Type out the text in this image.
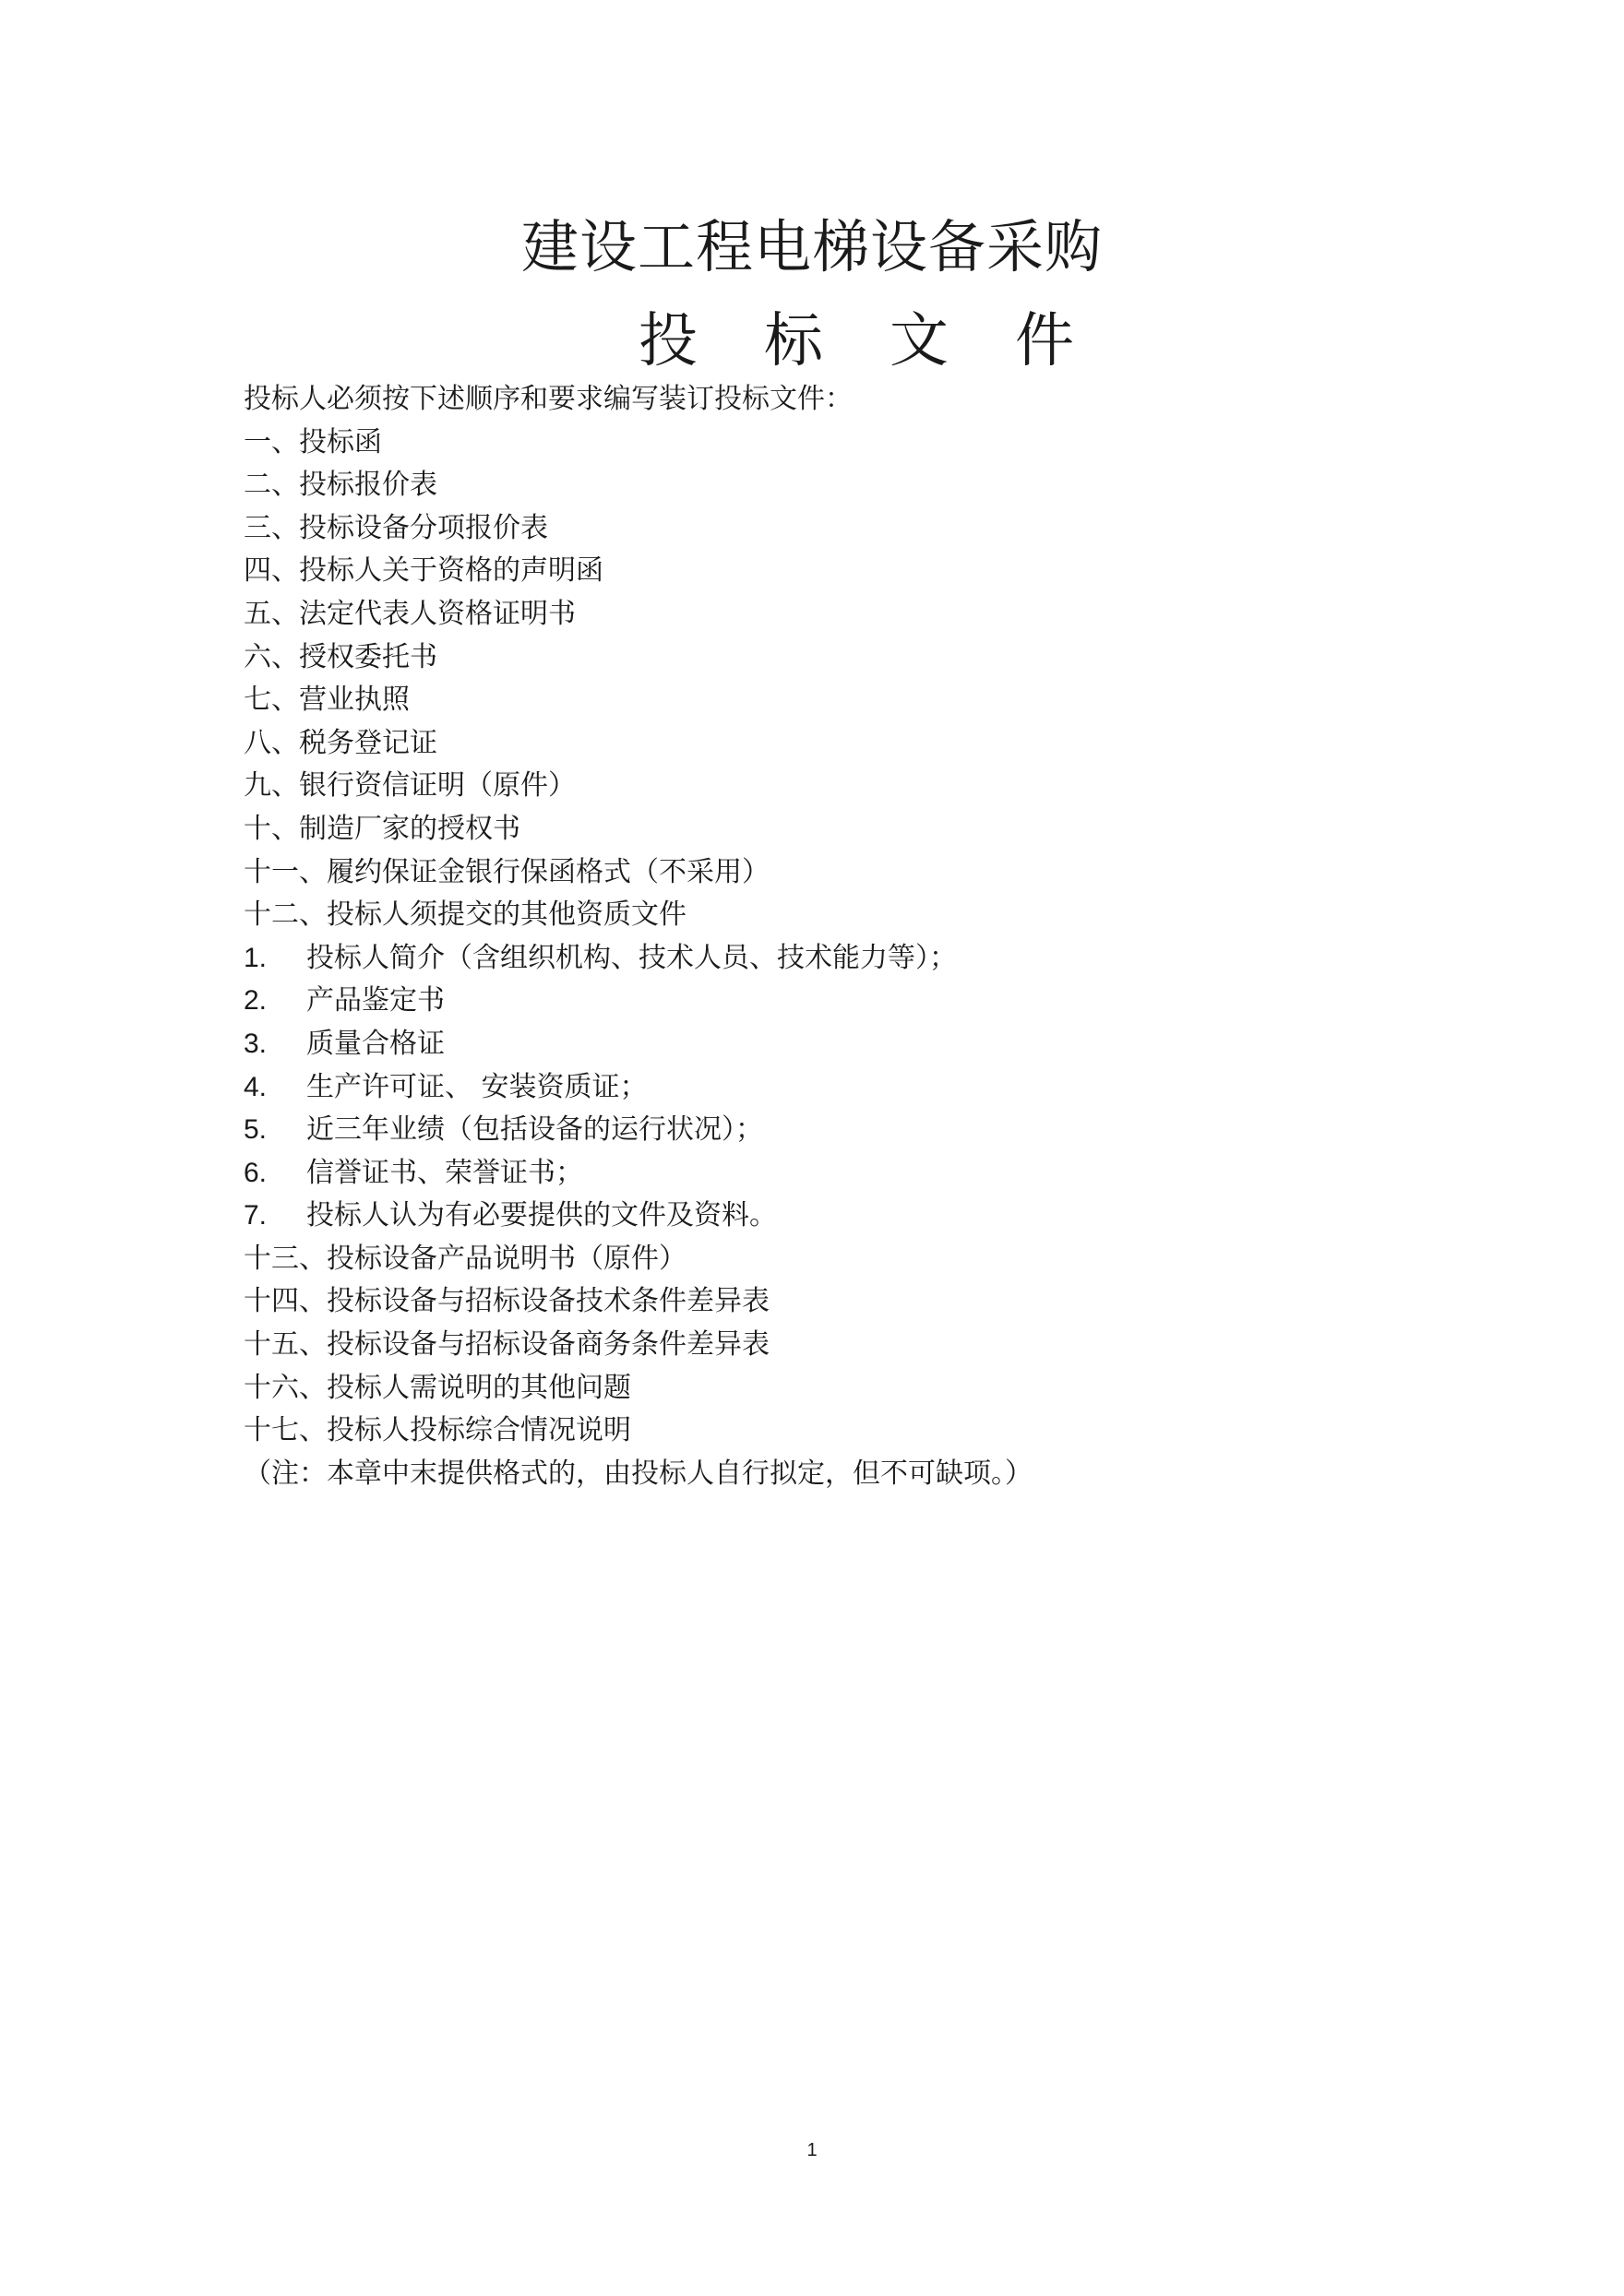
建设工程电梯设备采购
投标文件
投标人必须按下述顺序和要求编写装订投标文件：
一、投标函
二、投标报价表
三、投标设备分项报价表
四、投标人关于资格的声明函
五、法定代表人资格证明书
六、授权委托书
七、营业执照
八、税务登记证
九、银行资信证明（原件）
十、制造厂家的授权书
十一、履约保证金银行保函格式（不采用）
十二、投标人须提交的其他资质文件
1. 投标人简介（含组织机构、技术人员、技术能力等）；
2. 产品鉴定书
3. 质量合格证
4. 生产许可证、 安装资质证；
5. 近三年业绩（包括设备的运行状况）；
6. 信誉证书、荣誉证书；
7. 投标人认为有必要提供的文件及资料。
十三、投标设备产品说明书（原件）
十四、投标设备与招标设备技术条件差异表
十五、投标设备与招标设备商务条件差异表
十六、投标人需说明的其他问题
十七、投标人投标综合情况说明
（注：本章中末提供格式的，由投标人自行拟定，但不可缺项。）
1
